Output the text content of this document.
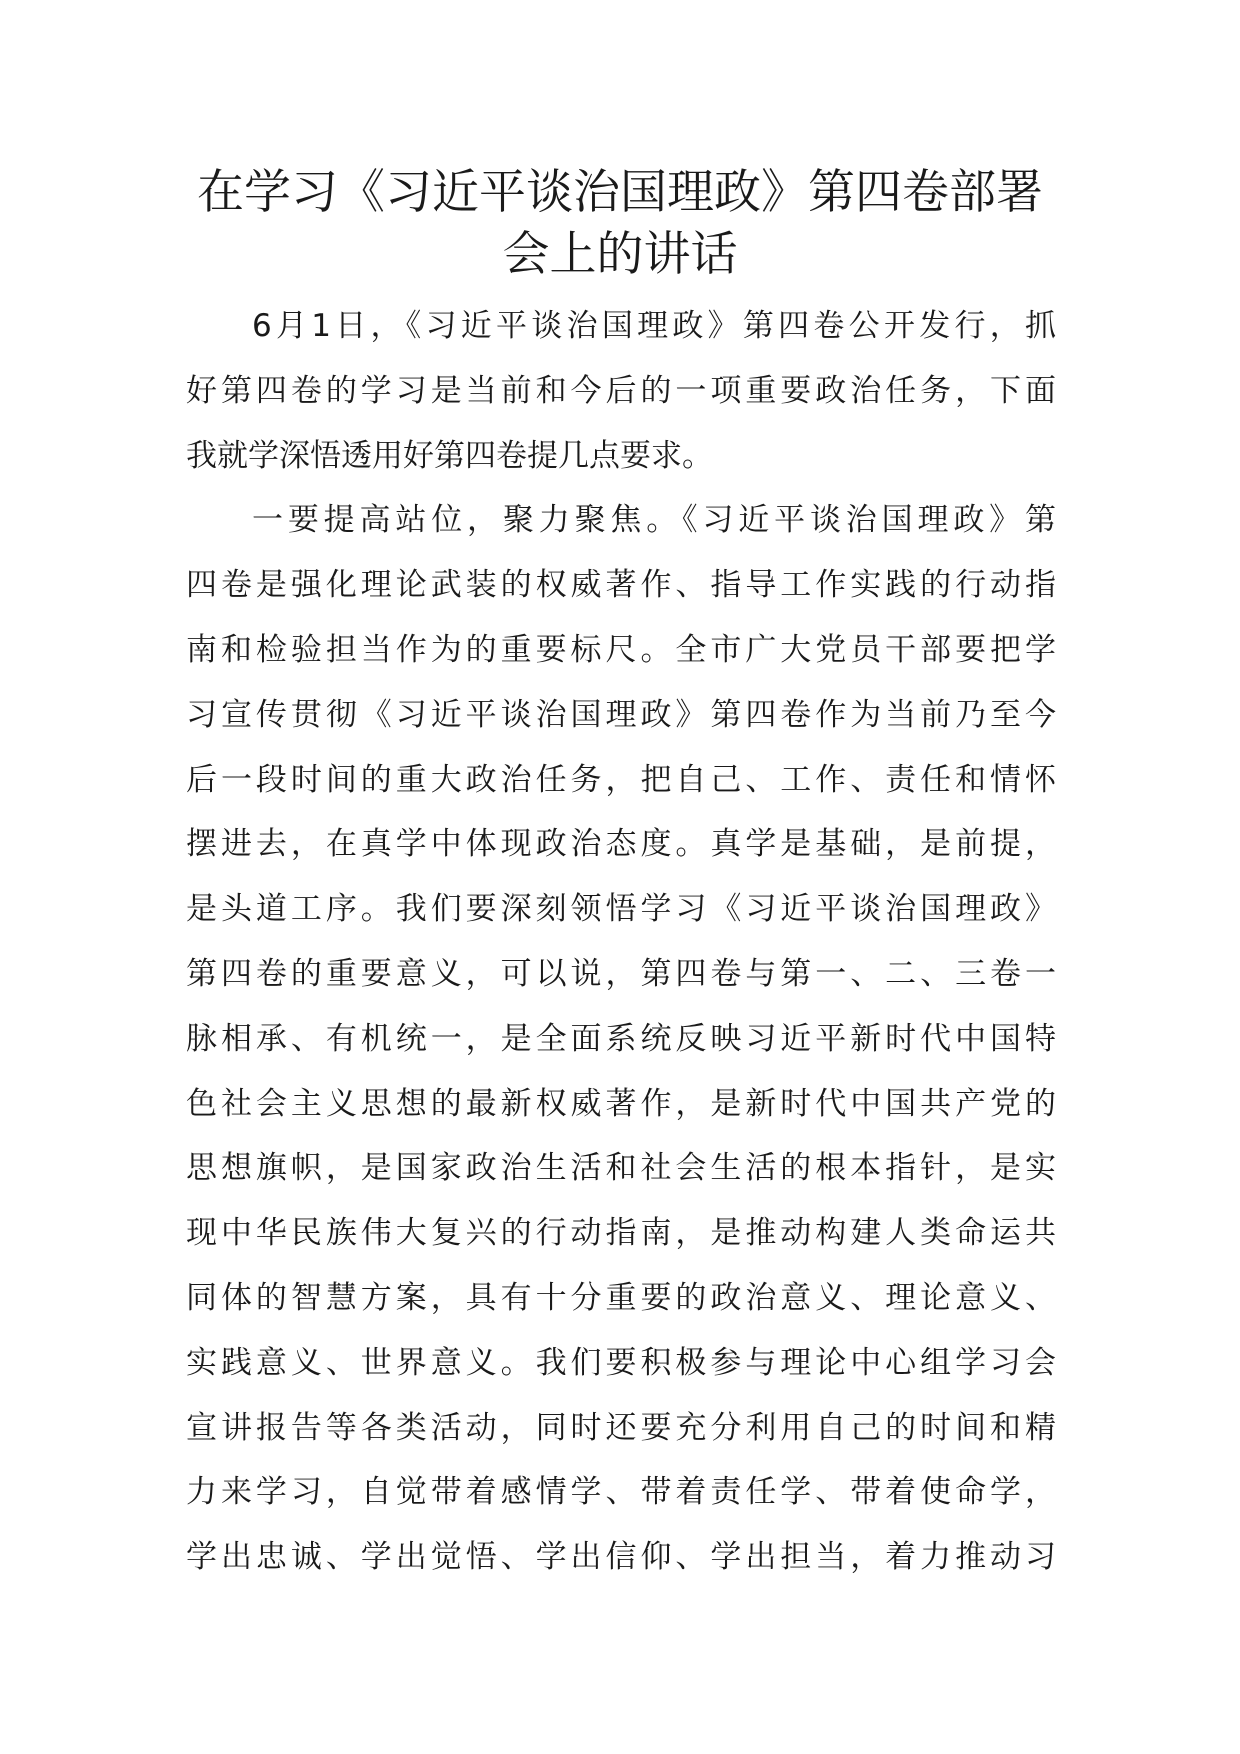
在学习《习近平谈治国理政》第四卷部署
会上的讲话
6月1日，《习近平谈治国理政》第四卷公开发行，抓
好第四卷的学习是当前和今后的一项重要政治任务，下面
我就学深悟透用好第四卷提几点要求。
一要提高站位，聚力聚焦。《习近平谈治国理政》第
四卷是强化理论武装的权威著作、指导工作实践的行动指
南和检验担当作为的重要标尺。全市广大党员干部要把学
习宣传贯彻《习近平谈治国理政》第四卷作为当前乃至今
后一段时间的重大政治任务，把自己、工作、责任和情怀
摆进去，在真学中体现政治态度。真学是基础，是前提，
是头道工序。我们要深刻领悟学习《习近平谈治国理政》
第四卷的重要意义，可以说，第四卷与第一、二、三卷一
脉相承、有机统一，是全面系统反映习近平新时代中国特
色社会主义思想的最新权威著作，是新时代中国共产党的
思想旗帜，是国家政治生活和社会生活的根本指针，是实
现中华民族伟大复兴的行动指南，是推动构建人类命运共
同体的智慧方案，具有十分重要的政治意义、理论意义、
实践意义、世界意义。我们要积极参与理论中心组学习会
宣讲报告等各类活动，同时还要充分利用自己的时间和精
力来学习，自觉带着感情学、带着责任学、带着使命学，
学出忠诚、学出觉悟、学出信仰、学出担当，着力推动习
